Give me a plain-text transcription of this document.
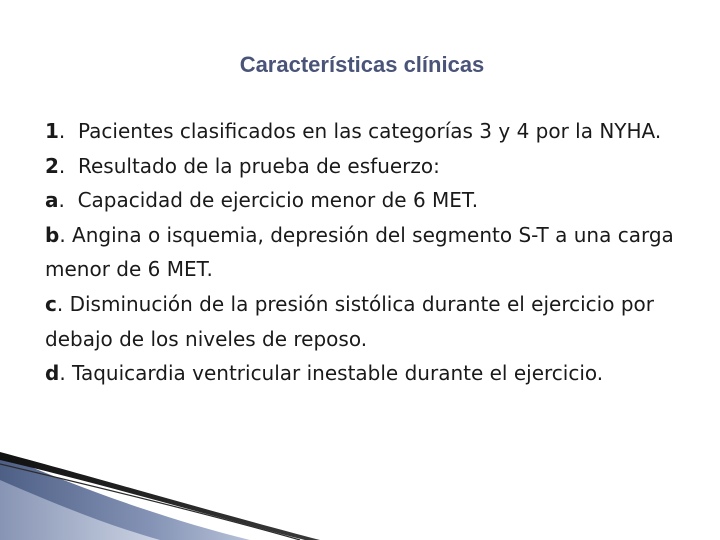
Características clínicas

1.  Pacientes clasificados en las categorías 3 y 4 por la NYHA.

2.  Resultado de la prueba de esfuerzo:

a.  Capacidad de ejercicio menor de 6 MET.

b. Angina o isquemia, depresión del segmento S-T a una carga menor de 6 MET.

c. Disminución de la presión sistólica durante el ejercicio por debajo de los niveles de reposo.

d. Taquicardia ventricular inestable durante el ejercicio.
